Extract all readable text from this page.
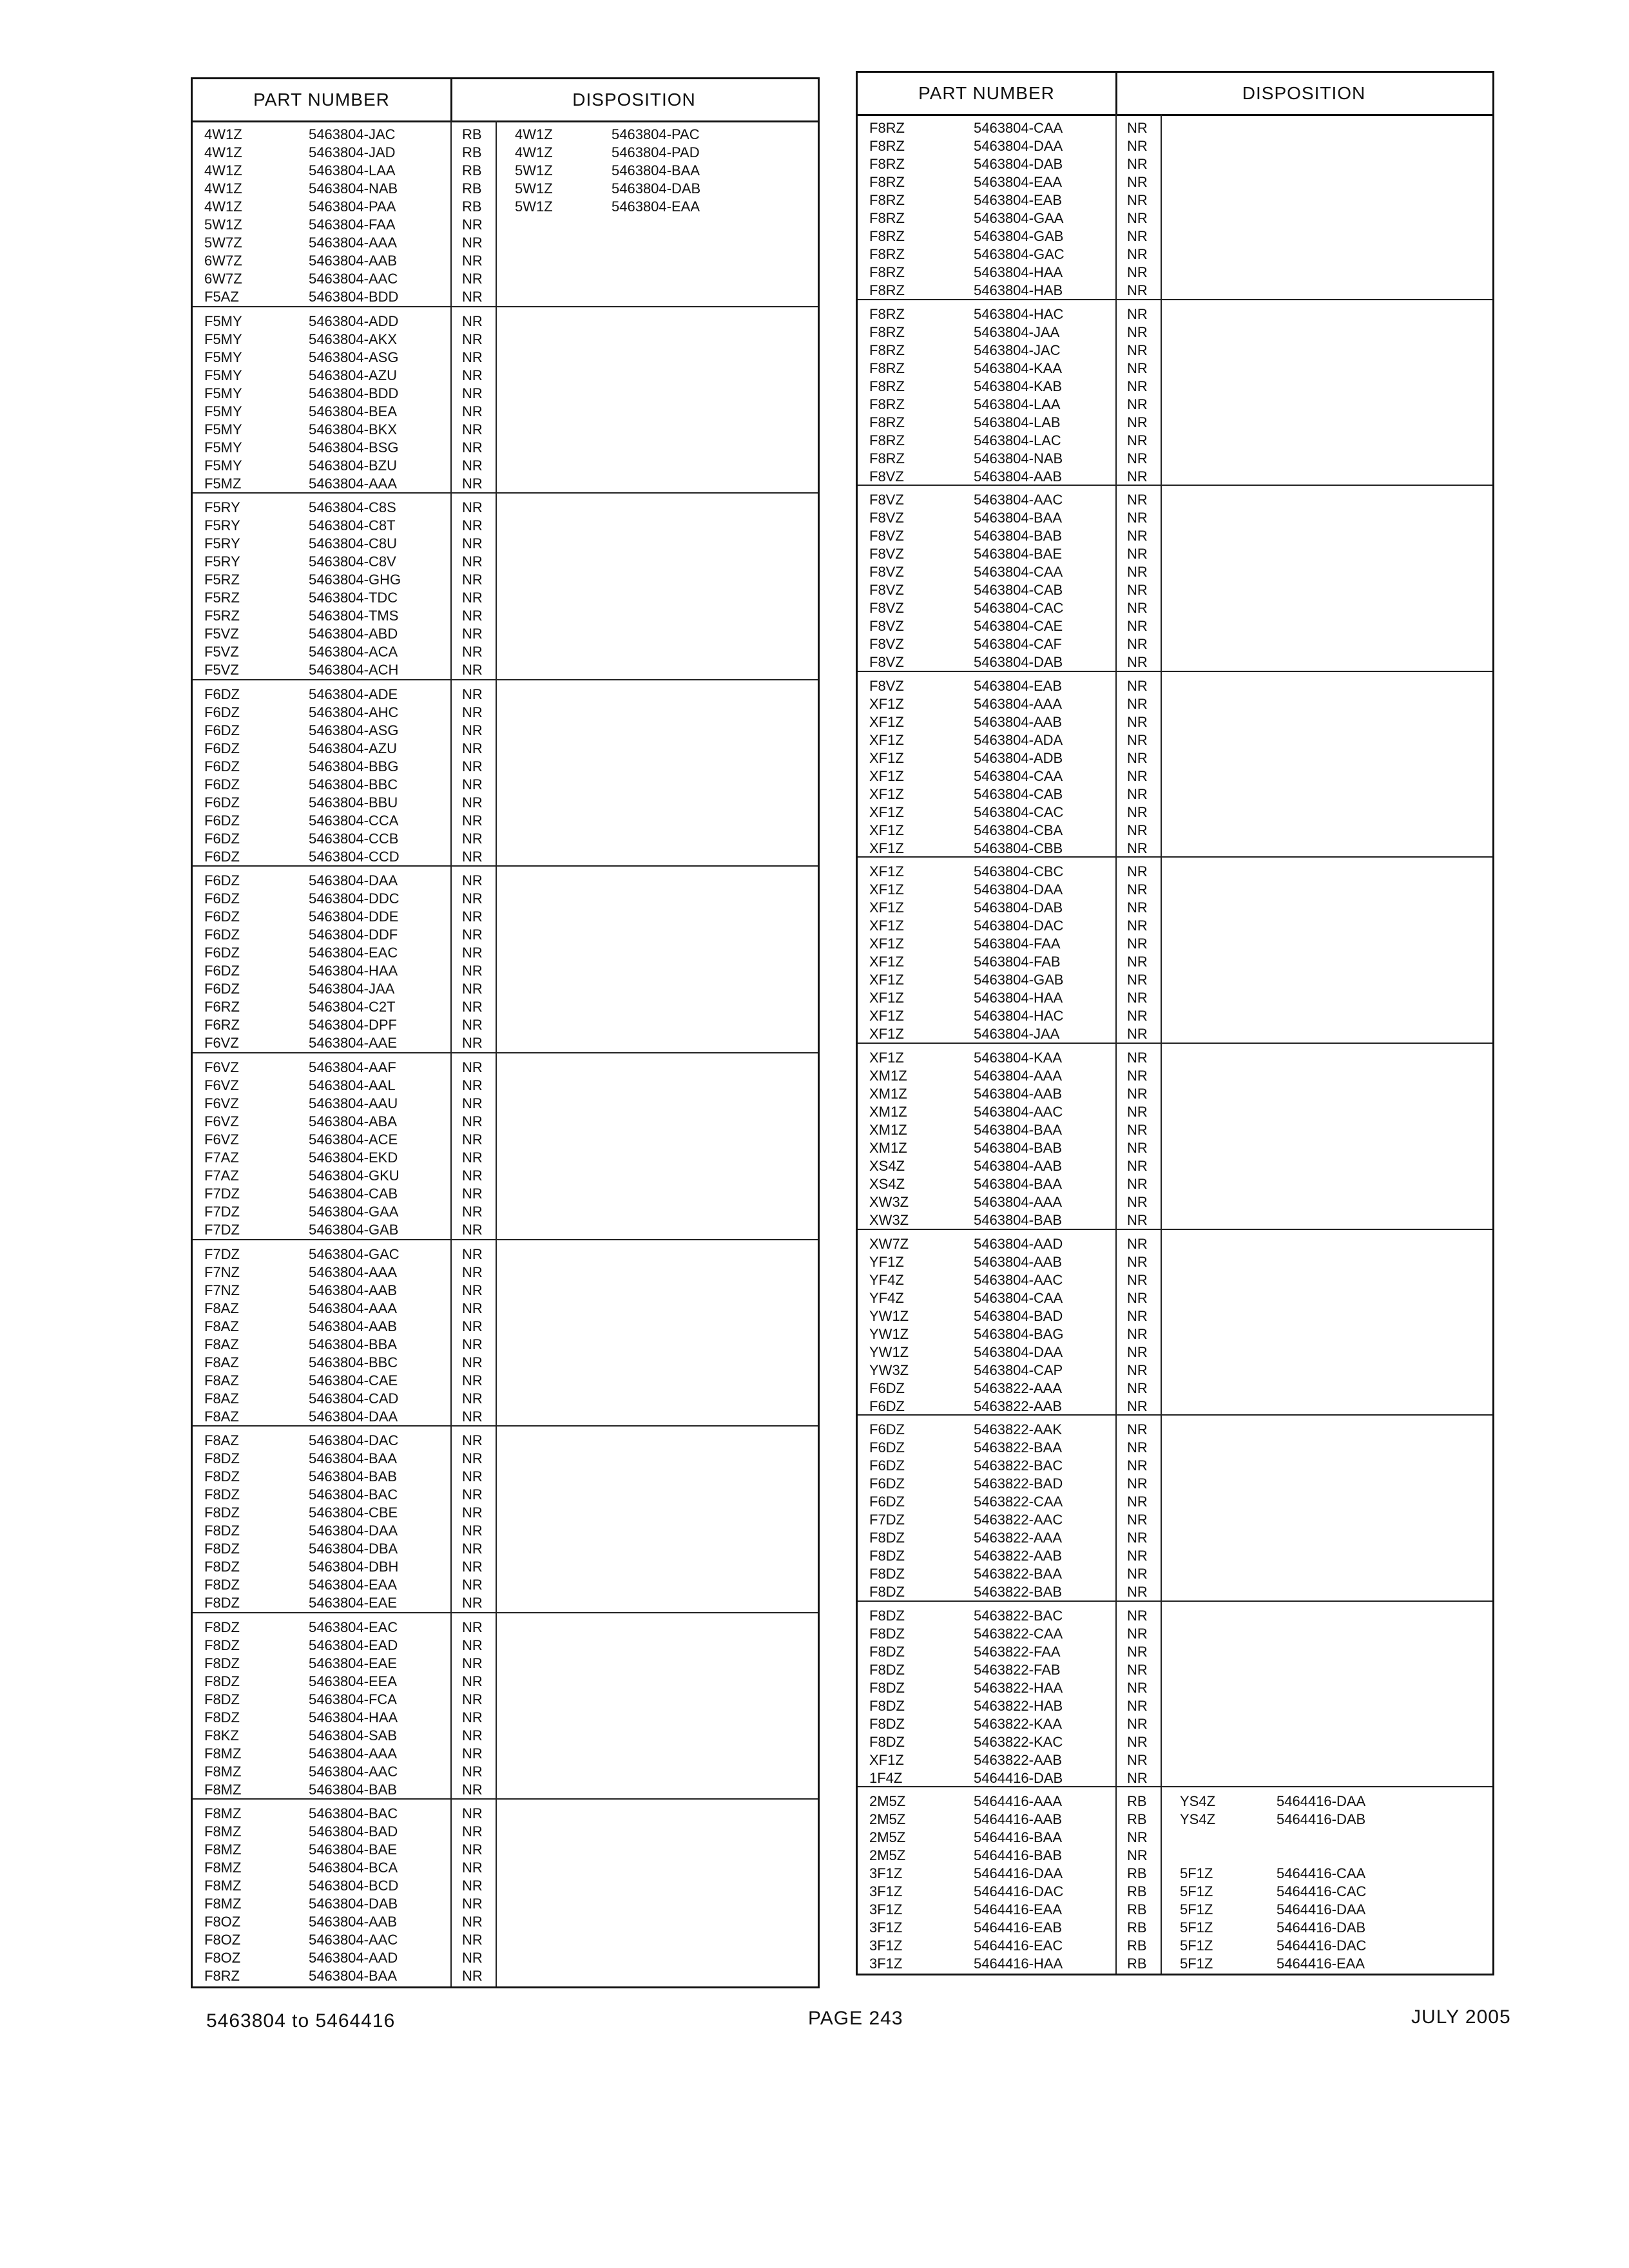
PART NUMBER	DISPOSITION
4W1Z	5463804-JAC	RB 4W1Z	5463804-PAC
4W1Z	5463804-JAD	RB 4W1Z	5463804-PAD
4W1Z	5463804-LAA	RB 5W1Z	5463804-BAA
4W1Z	5463804-NAB	RB 5W1Z	5463804-DAB
4W1Z	5463804-PAA	RB 5W1Z	5463804-EAA
5W1Z	5463804-FAA	NR
5W7Z	5463804-AAA	NR
6W7Z	5463804-AAB	NR
6W7Z	5463804-AAC	NR
F5AZ	5463804-BDD	NR
F5MY	5463804-ADD	NR
F5MY	5463804-AKX	NR
F5MY	5463804-ASG	NR
F5MY	5463804-AZU	NR
F5MY	5463804-BDD	NR
F5MY	5463804-BEA	NR
F5MY	5463804-BKX	NR
F5MY	5463804-BSG	NR
F5MY	5463804-BZU	NR
F5MZ	5463804-AAA	NR
F5RY	5463804-C8S	NR
F5RY	5463804-C8T	NR
F5RY	5463804-C8U	NR
F5RY	5463804-C8V	NR
F5RZ	5463804-GHG	NR
F5RZ	5463804-TDC	NR
F5RZ	5463804-TMS	NR
F5VZ	5463804-ABD	NR
F5VZ	5463804-ACA	NR
F5VZ	5463804-ACH	NR
F6DZ	5463804-ADE	NR
F6DZ	5463804-AHC	NR
F6DZ	5463804-ASG	NR
F6DZ	5463804-AZU	NR
F6DZ	5463804-BBG	NR
F6DZ	5463804-BBC	NR
F6DZ	5463804-BBU	NR
F6DZ	5463804-CCA	NR
F6DZ	5463804-CCB	NR
F6DZ	5463804-CCD	NR
F6DZ	5463804-DAA	NR
F6DZ	5463804-DDC	NR
F6DZ	5463804-DDE	NR
F6DZ	5463804-DDF	NR
F6DZ	5463804-EAC	NR
F6DZ	5463804-HAA	NR
F6DZ	5463804-JAA	NR
F6RZ	5463804-C2T	NR
F6RZ	5463804-DPF	NR
F6VZ	5463804-AAE	NR
F6VZ	5463804-AAF	NR
F6VZ	5463804-AAL	NR
F6VZ	5463804-AAU	NR
F6VZ	5463804-ABA	NR
F6VZ	5463804-ACE	NR
F7AZ	5463804-EKD	NR
F7AZ	5463804-GKU	NR
F7DZ	5463804-CAB	NR
F7DZ	5463804-GAA	NR
F7DZ	5463804-GAB	NR
F7DZ	5463804-GAC	NR
F7NZ	5463804-AAA	NR
F7NZ	5463804-AAB	NR
F8AZ	5463804-AAA	NR
F8AZ	5463804-AAB	NR
F8AZ	5463804-BBA	NR
F8AZ	5463804-BBC	NR
F8AZ	5463804-CAE	NR
F8AZ	5463804-CAD	NR
F8AZ	5463804-DAA	NR
F8AZ	5463804-DAC	NR
F8DZ	5463804-BAA	NR
F8DZ	5463804-BAB	NR
F8DZ	5463804-BAC	NR
F8DZ	5463804-CBE	NR
F8DZ	5463804-DAA	NR
F8DZ	5463804-DBA	NR
F8DZ	5463804-DBH	NR
F8DZ	5463804-EAA	NR
F8DZ	5463804-EAE	NR
F8DZ	5463804-EAC	NR
F8DZ	5463804-EAD	NR
F8DZ	5463804-EAE	NR
F8DZ	5463804-EEA	NR
F8DZ	5463804-FCA	NR
F8DZ	5463804-HAA	NR
F8KZ	5463804-SAB	NR
F8MZ	5463804-AAA	NR
F8MZ	5463804-AAC	NR
F8MZ	5463804-BAB	NR
F8MZ	5463804-BAC	NR
F8MZ	5463804-BAD	NR
F8MZ	5463804-BAE	NR
F8MZ	5463804-BCA	NR
F8MZ	5463804-BCD	NR
F8MZ	5463804-DAB	NR
F8OZ	5463804-AAB	NR
F8OZ	5463804-AAC	NR
F8OZ	5463804-AAD	NR
F8RZ	5463804-BAA	NR
PART NUMBER	DISPOSITION
F8RZ	5463804-CAA	NR
F8RZ	5463804-DAA	NR
F8RZ	5463804-DAB	NR
F8RZ	5463804-EAA	NR
F8RZ	5463804-EAB	NR
F8RZ	5463804-GAA	NR
F8RZ	5463804-GAB	NR
F8RZ	5463804-GAC	NR
F8RZ	5463804-HAA	NR
F8RZ	5463804-HAB	NR
F8RZ	5463804-HAC	NR
F8RZ	5463804-JAA	NR
F8RZ	5463804-JAC	NR
F8RZ	5463804-KAA	NR
F8RZ	5463804-KAB	NR
F8RZ	5463804-LAA	NR
F8RZ	5463804-LAB	NR
F8RZ	5463804-LAC	NR
F8RZ	5463804-NAB	NR
F8VZ	5463804-AAB	NR
F8VZ	5463804-AAC	NR
F8VZ	5463804-BAA	NR
F8VZ	5463804-BAB	NR
F8VZ	5463804-BAE	NR
F8VZ	5463804-CAA	NR
F8VZ	5463804-CAB	NR
F8VZ	5463804-CAC	NR
F8VZ	5463804-CAE	NR
F8VZ	5463804-CAF	NR
F8VZ	5463804-DAB	NR
F8VZ	5463804-EAB	NR
XF1Z	5463804-AAA	NR
XF1Z	5463804-AAB	NR
XF1Z	5463804-ADA	NR
XF1Z	5463804-ADB	NR
XF1Z	5463804-CAA	NR
XF1Z	5463804-CAB	NR
XF1Z	5463804-CAC	NR
XF1Z	5463804-CBA	NR
XF1Z	5463804-CBB	NR
XF1Z	5463804-CBC	NR
XF1Z	5463804-DAA	NR
XF1Z	5463804-DAB	NR
XF1Z	5463804-DAC	NR
XF1Z	5463804-FAA	NR
XF1Z	5463804-FAB	NR
XF1Z	5463804-GAB	NR
XF1Z	5463804-HAA	NR
XF1Z	5463804-HAC	NR
XF1Z	5463804-JAA	NR
XF1Z	5463804-KAA	NR
XM1Z	5463804-AAA	NR
XM1Z	5463804-AAB	NR
XM1Z	5463804-AAC	NR
XM1Z	5463804-BAA	NR
XM1Z	5463804-BAB	NR
XS4Z	5463804-AAB	NR
XS4Z	5463804-BAA	NR
XW3Z	5463804-AAA	NR
XW3Z	5463804-BAB	NR
XW7Z	5463804-AAD	NR
YF1Z	5463804-AAB	NR
YF4Z	5463804-AAC	NR
YF4Z	5463804-CAA	NR
YW1Z	5463804-BAD	NR
YW1Z	5463804-BAG	NR
YW1Z	5463804-DAA	NR
YW3Z	5463804-CAP	NR
F6DZ	5463822-AAA	NR
F6DZ	5463822-AAB	NR
F6DZ	5463822-AAK	NR
F6DZ	5463822-BAA	NR
F6DZ	5463822-BAC	NR
F6DZ	5463822-BAD	NR
F6DZ	5463822-CAA	NR
F7DZ	5463822-AAC	NR
F8DZ	5463822-AAA	NR
F8DZ	5463822-AAB	NR
F8DZ	5463822-BAA	NR
F8DZ	5463822-BAB	NR
F8DZ	5463822-BAC	NR
F8DZ	5463822-CAA	NR
F8DZ	5463822-FAA	NR
F8DZ	5463822-FAB	NR
F8DZ	5463822-HAA	NR
F8DZ	5463822-HAB	NR
F8DZ	5463822-KAA	NR
F8DZ	5463822-KAC	NR
XF1Z	5463822-AAB	NR
1F4Z	5464416-DAB	NR
2M5Z	5464416-AAA	RB YS4Z	5464416-DAA
2M5Z	5464416-AAB	RB YS4Z	5464416-DAB
2M5Z	5464416-BAA	NR
2M5Z	5464416-BAB	NR
3F1Z	5464416-DAA	RB 5F1Z	5464416-CAA
3F1Z	5464416-DAC	RB 5F1Z	5464416-CAC
3F1Z	5464416-EAA	RB 5F1Z	5464416-DAA
3F1Z	5464416-EAB	RB 5F1Z	5464416-DAB
3F1Z	5464416-EAC	RB 5F1Z	5464416-DAC
3F1Z	5464416-HAA	RB 5F1Z	5464416-EAA
5463804 to 5464416	PAGE 243	JULY 2005
